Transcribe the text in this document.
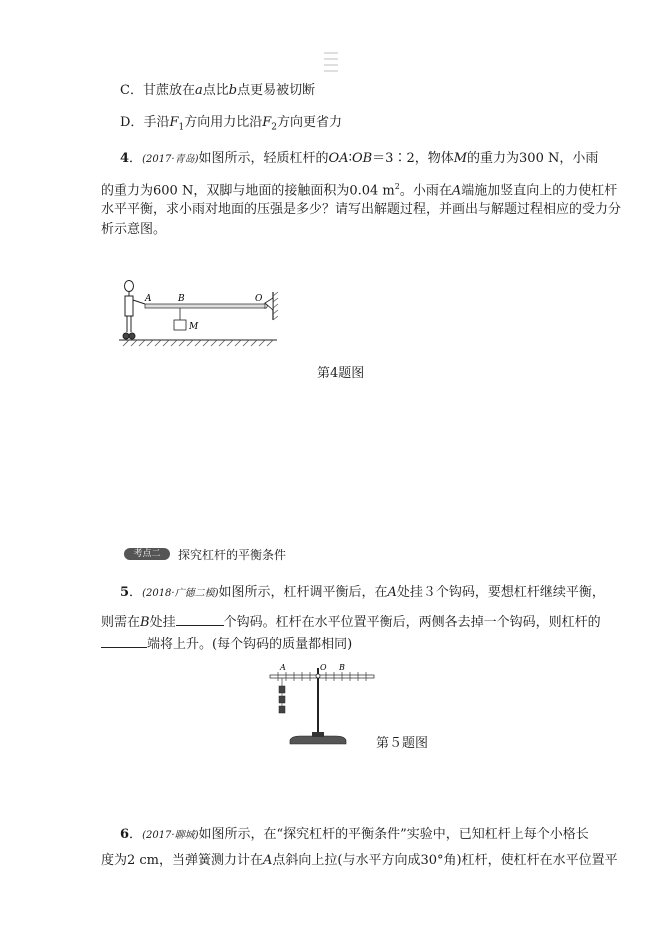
C．甘蔗放在a点比b点更易被切断
D．手沿$F_1$方向用力比沿$F_2$方向更省力
4．(2017·青岛)如图所示，轻质杠杆的OA∶OB＝3∶2，物体M的重力为300 N，小雨
的重力为600 N，双脚与地面的接触面积为0.04 $m^2$。小雨在A端施加竖直向上的力使杠杆
水平平衡，求小雨对地面的压强是多少？请写出解题过程，并画出与解题过程相应的受力分
析示意图。
A	B	O
M
第4题图
考点二	探究杠杆的平衡条件
5．(2018·广德二模)如图所示，杠杆调平衡后，在A处挂３个钩码，要想杠杆继续平衡，
则需在B处挂	个钩码。杠杆在水平位置平衡后，两侧各去掉一个钩码，则杠杆的
端将上升。(每个钩码的质量都相同)
A	O B
第５题图
6．(2017·聊城)如图所示，在“探究杠杆的平衡条件”实验中，已知杠杆上每个小格长
度为2 cm，当弹簧测力计在A点斜向上拉(与水平方向成30°角)杠杆，使杠杆在水平位置平
